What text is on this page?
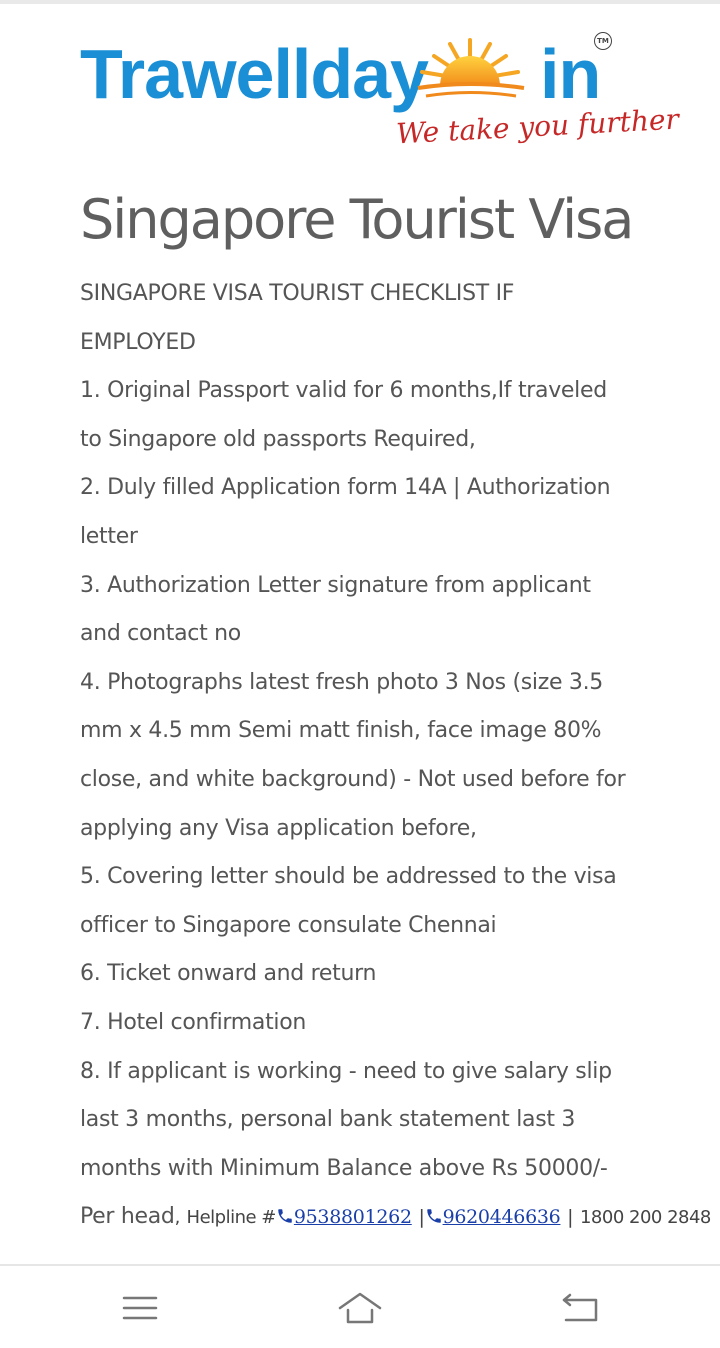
Trawellday in
TM
We take you further
Singapore Tourist Visa
SINGAPORE VISA TOURIST CHECKLIST IF
EMPLOYED
1. Original Passport valid for 6 months,If traveled
to Singapore old passports Required,
2. Duly filled Application form 14A | Authorization
letter
3. Authorization Letter signature from applicant
and contact no
4. Photographs latest fresh photo 3 Nos (size 3.5
mm x 4.5 mm Semi matt finish, face image 80%
close, and white background) - Not used before for
applying any Visa application before,
5. Covering letter should be addressed to the visa
officer to Singapore consulate Chennai
6. Ticket onward and return
7. Hotel confirmation
8. If applicant is working - need to give salary slip
last 3 months, personal bank statement last 3
months with Minimum Balance above Rs 50000/-
Per head, Helpline # 9538801262 | 9620446636 | 1800 200 2848
